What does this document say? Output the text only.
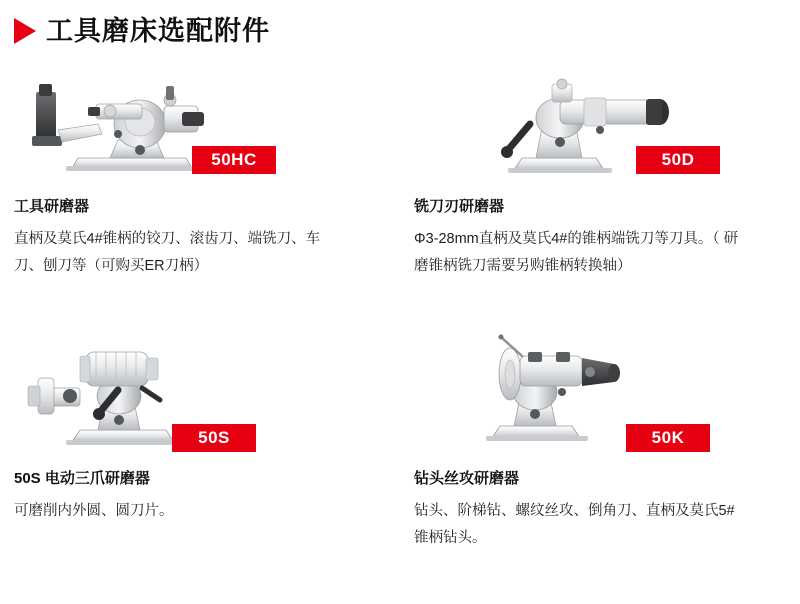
工具磨床选配附件
50HC
工具研磨器
直柄及莫氏4#锥柄的铰刀、滚齿刀、端铣刀、车刀、刨刀等（可购买ER刀柄）
50D
铣刀刃研磨器
Φ3-28mm直柄及莫氏4#的锥柄端铣刀等刀具。（ 研磨锥柄铣刀需要另购锥柄转换轴）
50S
50S 电动三爪研磨器
可磨削内外圆、圆刀片。
50K
钻头丝攻研磨器
钻头、阶梯钻、螺纹丝攻、倒角刀、直柄及莫氏5#锥柄钻头。
